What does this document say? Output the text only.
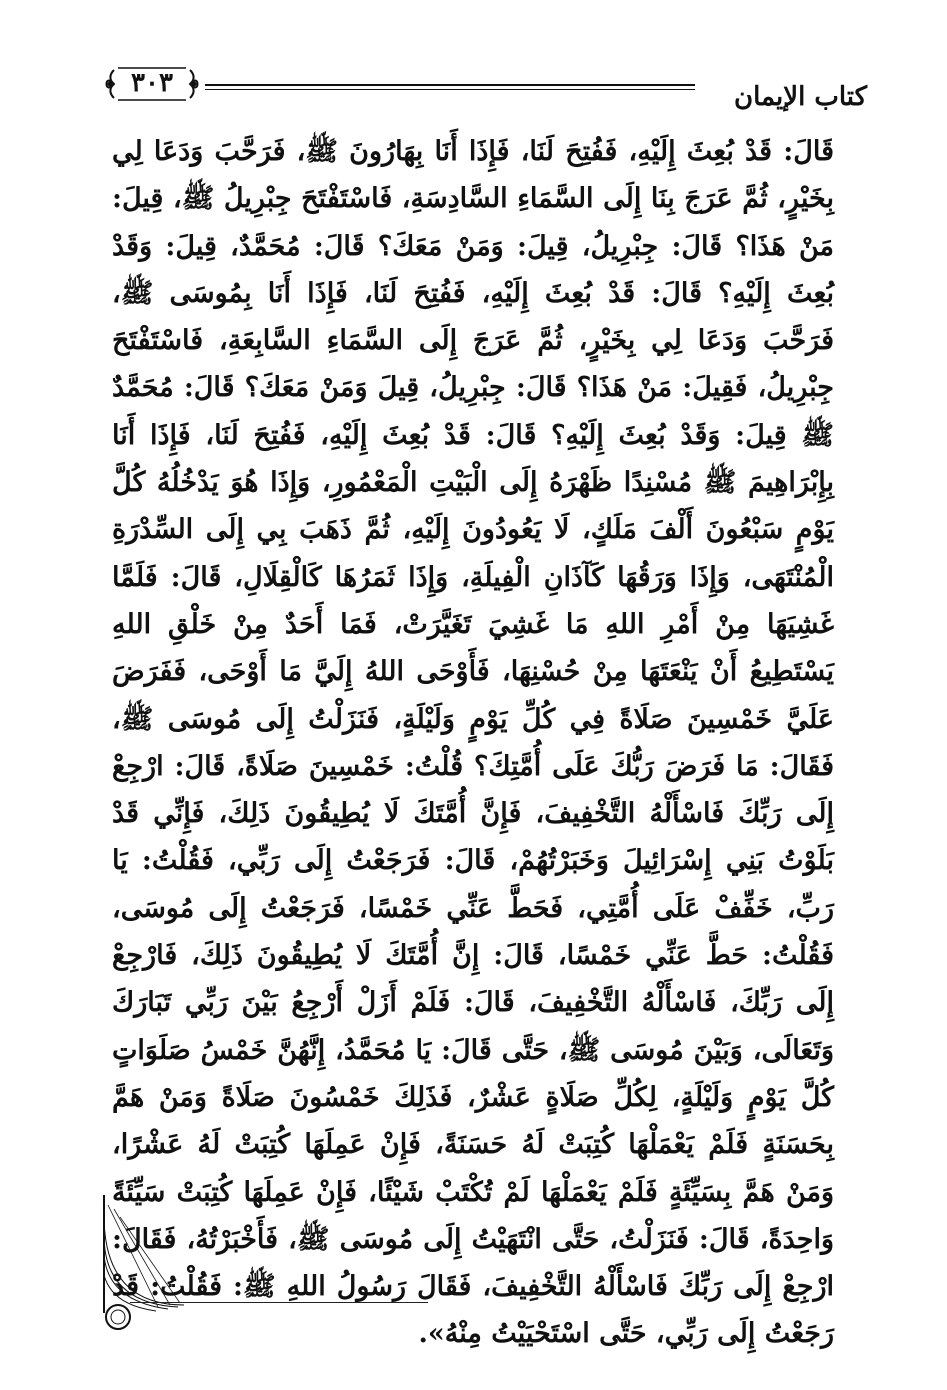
كتاب الإيمان
٣٠٣

قَالَ: قَدْ بُعِثَ إِلَيْهِ، فَفُتِحَ لَنَا، فَإِذَا أَنَا بِهَارُونَ ﷺ، فَرَحَّبَ وَدَعَا لِي بِخَيْرٍ، ثُمَّ عَرَجَ بِنَا إِلَى السَّمَاءِ السَّادِسَةِ، فَاسْتَفْتَحَ جِبْرِيلُ ﷺ، قِيلَ: مَنْ هَذَا؟ قَالَ: جِبْرِيلُ، قِيلَ: وَمَنْ مَعَكَ؟ قَالَ: مُحَمَّدٌ، قِيلَ: وَقَدْ بُعِثَ إِلَيْهِ؟ قَالَ: قَدْ بُعِثَ إِلَيْهِ، فَفُتِحَ لَنَا، فَإِذَا أَنَا بِمُوسَى ﷺ، فَرَحَّبَ وَدَعَا لِي بِخَيْرٍ، ثُمَّ عَرَجَ إِلَى السَّمَاءِ السَّابِعَةِ، فَاسْتَفْتَحَ جِبْرِيلُ، فَقِيلَ: مَنْ هَذَا؟ قَالَ: جِبْرِيلُ، قِيلَ وَمَنْ مَعَكَ؟ قَالَ: مُحَمَّدٌ ﷺ قِيلَ: وَقَدْ بُعِثَ إِلَيْهِ؟ قَالَ: قَدْ بُعِثَ إِلَيْهِ، فَفُتِحَ لَنَا، فَإِذَا أَنَا بِإِبْرَاهِيمَ ﷺ مُسْنِدًا ظَهْرَهُ إِلَى الْبَيْتِ الْمَعْمُورِ، وَإِذَا هُوَ يَدْخُلُهُ كُلَّ يَوْمٍ سَبْعُونَ أَلْفَ مَلَكٍ، لَا يَعُودُونَ إِلَيْهِ، ثُمَّ ذَهَبَ بِي إِلَى السِّدْرَةِ الْمُنْتَهَى، وَإِذَا وَرَقُهَا كَآذَانِ الْفِيلَةِ، وَإِذَا ثَمَرُهَا كَالْقِلَالِ، قَالَ: فَلَمَّا غَشِيَهَا مِنْ أَمْرِ اللهِ مَا غَشِيَ تَغَيَّرَتْ، فَمَا أَحَدٌ مِنْ خَلْقِ اللهِ يَسْتَطِيعُ أَنْ يَنْعَتَهَا مِنْ حُسْنِهَا، فَأَوْحَى اللهُ إِلَيَّ مَا أَوْحَى، فَفَرَضَ عَلَيَّ خَمْسِينَ صَلَاةً فِي كُلِّ يَوْمٍ وَلَيْلَةٍ، فَنَزَلْتُ إِلَى مُوسَى ﷺ، فَقَالَ: مَا فَرَضَ رَبُّكَ عَلَى أُمَّتِكَ؟ قُلْتُ: خَمْسِينَ صَلَاةً، قَالَ: ارْجِعْ إِلَى رَبِّكَ فَاسْأَلْهُ التَّخْفِيفَ، فَإِنَّ أُمَّتَكَ لَا يُطِيقُونَ ذَلِكَ، فَإِنِّي قَدْ بَلَوْتُ بَنِي إِسْرَائِيلَ وَخَبَرْتُهُمْ، قَالَ: فَرَجَعْتُ إِلَى رَبِّي، فَقُلْتُ: يَا رَبِّ، خَفِّفْ عَلَى أُمَّتِي، فَحَطَّ عَنِّي خَمْسًا، فَرَجَعْتُ إِلَى مُوسَى، فَقُلْتُ: حَطَّ عَنِّي خَمْسًا، قَالَ: إِنَّ أُمَّتَكَ لَا يُطِيقُونَ ذَلِكَ، فَارْجِعْ إِلَى رَبِّكَ، فَاسْأَلْهُ التَّخْفِيفَ، قَالَ: فَلَمْ أَزَلْ أَرْجِعُ بَيْنَ رَبِّي تَبَارَكَ وَتَعَالَى، وَبَيْنَ مُوسَى ﷺ، حَتَّى قَالَ: يَا مُحَمَّدُ، إِنَّهُنَّ خَمْسُ صَلَوَاتٍ كُلَّ يَوْمٍ وَلَيْلَةٍ، لِكُلِّ صَلَاةٍ عَشْرٌ، فَذَلِكَ خَمْسُونَ صَلَاةً وَمَنْ هَمَّ بِحَسَنَةٍ فَلَمْ يَعْمَلْهَا كُتِبَتْ لَهُ حَسَنَةً، فَإِنْ عَمِلَهَا كُتِبَتْ لَهُ عَشْرًا، وَمَنْ هَمَّ بِسَيِّئَةٍ فَلَمْ يَعْمَلْهَا لَمْ تُكْتَبْ شَيْئًا، فَإِنْ عَمِلَهَا كُتِبَتْ سَيِّئَةً وَاحِدَةً، قَالَ: فَنَزَلْتُ، حَتَّى انْتَهَيْتُ إِلَى مُوسَى ﷺ، فَأَخْبَرْتُهُ، فَقَالَ: ارْجِعْ إِلَى رَبِّكَ فَاسْأَلْهُ التَّخْفِيفَ، فَقَالَ رَسُولُ اللهِ ﷺ: فَقُلْتُ: قَدْ رَجَعْتُ إِلَى رَبِّي، حَتَّى اسْتَحْيَيْتُ مِنْهُ».
